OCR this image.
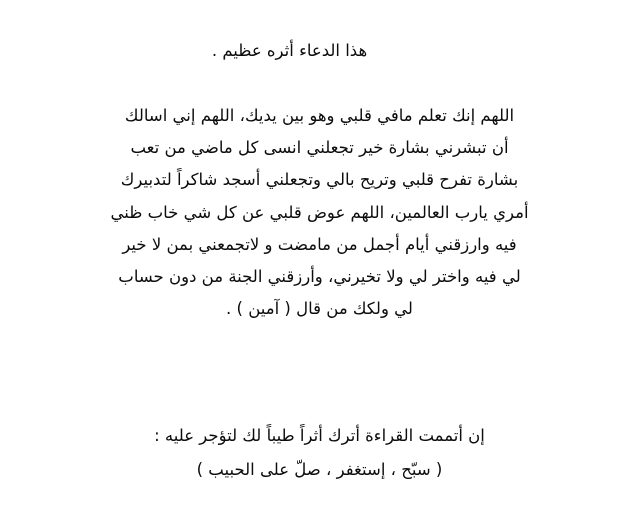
هذا الدعاء أثره عظيم .

اللهم إنك تعلم مافي قلبي وهو بين يديك، اللهم إني اسالك

أن تبشرني بشارة خير تجعلني انسى كل ماضي من تعب

بشارة تفرح قلبي وتريح بالي وتجعلني أسجد شاكراً لتدبيرك

أمري يارب العالمين، اللهم عوض قلبي عن كل شي خاب ظني

فيه وارزقني أيام أجمل من مامضت و لاتجمعني بمن لا خير

لي فيه واختر لي ولا تخيرني، وأرزقني الجنة من دون حساب

لي ولكك من قال ( آمين ) .

إن أتممت القراءة أترك أثراً طيباً لك لتؤجر عليه :

( سبّح ، إستغفر ، صلّ على الحبيب )
